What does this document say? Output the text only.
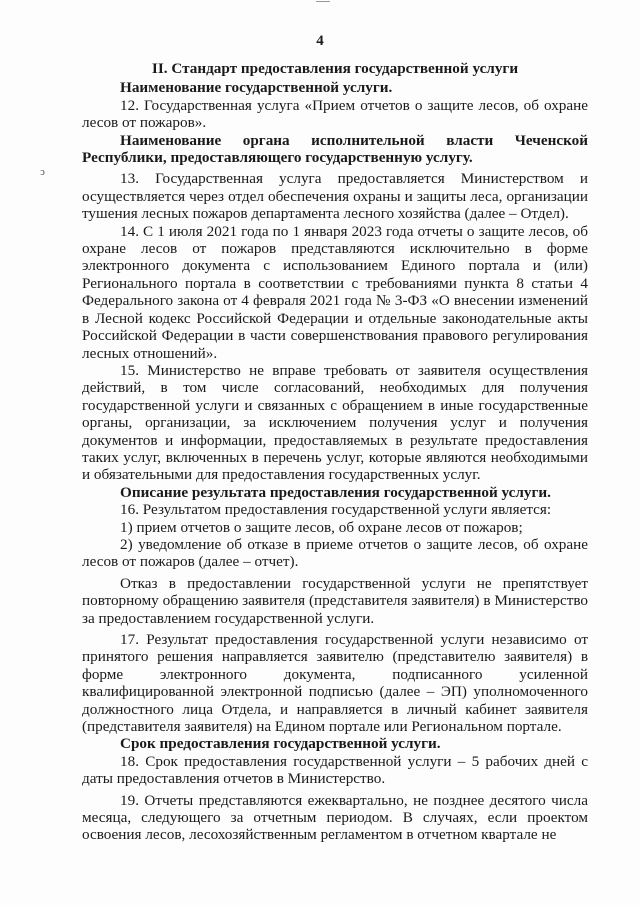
ↄ
4

II. Стандарт предоставления государственной услуги

Наименование государственной услуги.

12. Государственная услуга «Прием отчетов о защите лесов, об охране лесов от пожаров».

Наименование органа исполнительной власти Чеченской Республики, предоставляющего государственную услугу.

13. Государственная услуга предоставляется Министерством и осуществляется через отдел обеспечения охраны и защиты леса, организации тушения лесных пожаров департамента лесного хозяйства (далее – Отдел).

14. С 1 июля 2021 года по 1 января 2023 года отчеты о защите лесов, об охране лесов от пожаров представляются исключительно в форме электронного документа с использованием Единого портала и (или) Регионального портала в соответствии с требованиями пункта 8 статьи 4 Федерального закона от 4 февраля 2021 года № 3-ФЗ «О внесении изменений в Лесной кодекс Российской Федерации и отдельные законодательные акты Российской Федерации в части совершенствования правового регулирования лесных отношений».

15. Министерство не вправе требовать от заявителя осуществления действий, в том числе согласований, необходимых для получения государственной услуги и связанных с обращением в иные государственные органы, организации, за исключением получения услуг и получения документов и информации, предоставляемых в результате предоставления таких услуг, включенных в перечень услуг, которые являются необходимыми и обязательными для предоставления государственных услуг.

Описание результата предоставления государственной услуги.

16. Результатом предоставления государственной услуги является:

1) прием отчетов о защите лесов, об охране лесов от пожаров;

2) уведомление об отказе в приеме отчетов о защите лесов, об охране лесов от пожаров (далее – отчет).

Отказ в предоставлении государственной услуги не препятствует повторному обращению заявителя (представителя заявителя) в Министерство за предоставлением государственной услуги.

17. Результат предоставления государственной услуги независимо от принятого решения направляется заявителю (представителю заявителя) в форме электронного документа, подписанного усиленной квалифицированной электронной подписью (далее – ЭП) уполномоченного должностного лица Отдела, и направляется в личный кабинет заявителя (представителя заявителя) на Едином портале или Региональном портале.

Срок предоставления государственной услуги.

18. Срок предоставления государственной услуги – 5 рабочих дней с даты предоставления отчетов в Министерство.

19. Отчеты представляются ежеквартально, не позднее десятого числа месяца, следующего за отчетным периодом. В случаях, если проектом освоения лесов, лесохозяйственным регламентом в отчетном квартале не
